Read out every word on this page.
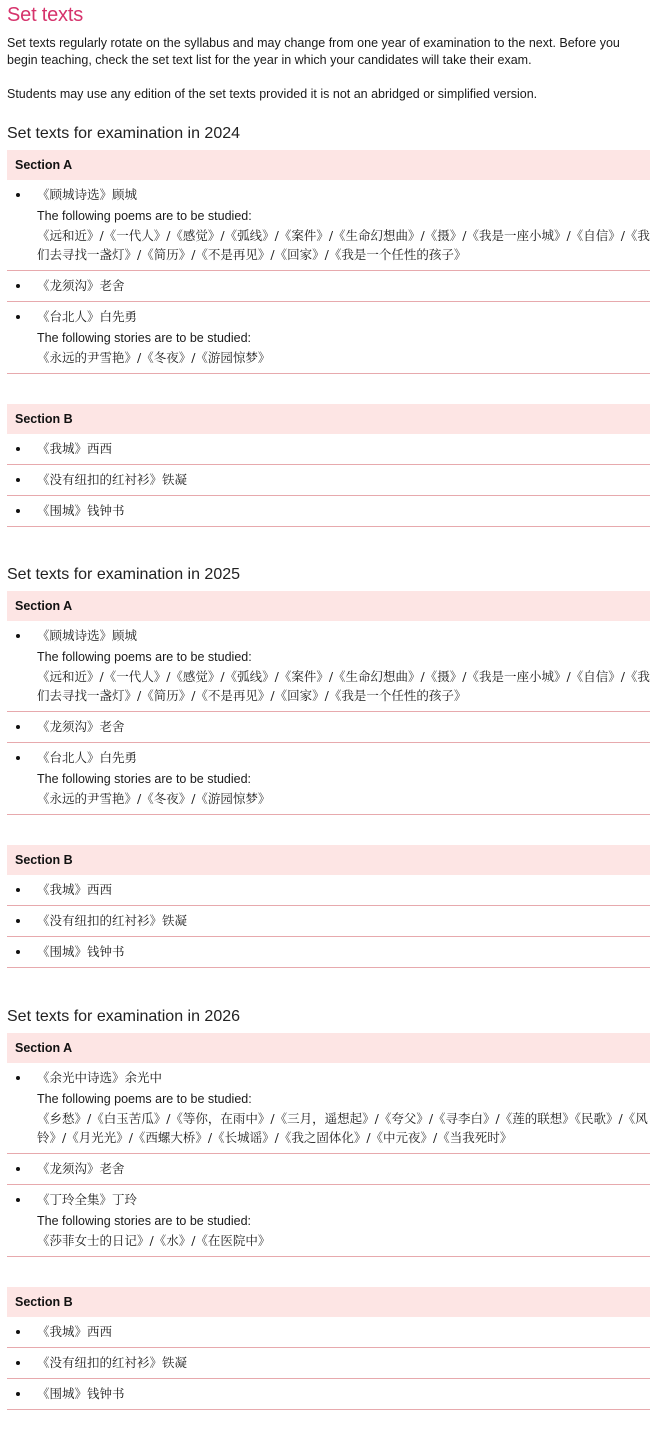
Set texts

Set texts regularly rotate on the syllabus and may change from one year of examination to the next. Before you begin teaching, check the set text list for the year in which your candidates will take their exam.

Students may use any edition of the set texts provided it is not an abridged or simplified version.

Set texts for examination in 2024
Section A
《顾城诗选》顾城
The following poems are to be studied:
《远和近》/《一代人》/《感觉》/《弧线》/《案件》/《生命幻想曲》/《摄》/《我是一座小城》/《自信》/《我们去寻找一盏灯》/《简历》/《不是再见》/《回家》/《我是一个任性的孩子》
《龙须沟》老舍
《台北人》白先勇
The following stories are to be studied:
《永远的尹雪艳》/《冬夜》/《游园惊梦》
Section B
《我城》西西
《没有纽扣的红衬衫》铁凝
《围城》钱钟书
Set texts for examination in 2025
Section A
《顾城诗选》顾城
The following poems are to be studied:
《远和近》/《一代人》/《感觉》/《弧线》/《案件》/《生命幻想曲》/《摄》/《我是一座小城》/《自信》/《我们去寻找一盏灯》/《简历》/《不是再见》/《回家》/《我是一个任性的孩子》
《龙须沟》老舍
《台北人》白先勇
The following stories are to be studied:
《永远的尹雪艳》/《冬夜》/《游园惊梦》
Section B
《我城》西西
《没有纽扣的红衬衫》铁凝
《围城》钱钟书
Set texts for examination in 2026
Section A
《余光中诗选》余光中
The following poems are to be studied:
《乡愁》/《白玉苦瓜》/《等你，在雨中》/《三月，遥想起》/《夸父》/《寻李白》/《莲的联想》《民歌》/《风铃》/《月光光》/《西螺大桥》/《长城谣》/《我之固体化》/《中元夜》/《当我死时》
《龙须沟》老舍
《丁玲全集》丁玲
The following stories are to be studied:
《莎菲女士的日记》/《水》/《在医院中》
Section B
《我城》西西
《没有纽扣的红衬衫》铁凝
《围城》钱钟书
